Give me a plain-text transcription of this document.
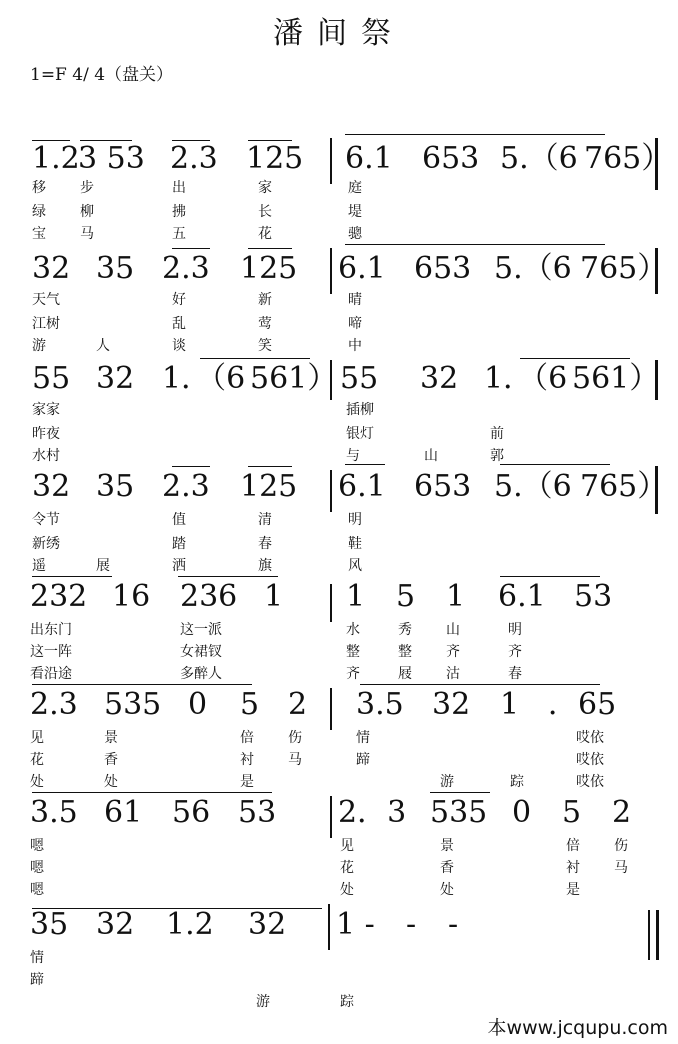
潘间祭
1=F 4/ 4（盘关）
1.2
3 53 2.3 125 6.1 653 5.（6 765）
移 步	出	家	庭
绿 柳	拂	长	堤
宝 马	五	花	骢
32 35 2.3 125 6.1 653 5.（6 765）
天气	好	新	晴
江树	乱	莺	啼
游	人	谈	笑	中
55 32 1．（6 561） 55 32 1．（6 561）
家家	插柳
昨夜	银灯	前
水村	与	山	郭
32 35 2.3 125 6.1 653 5.（6 765）
令节	值	清	明
新绣	踏	春	鞋
遥	展	洒	旗	风
232 16 236 1 1 5 1 6.1 53
出东门	这一派	水	秀 山	明
这一阵	女裙钗	整	整 齐	齐
看沿途	多醉人	齐	屐 沽	春
2.3 535 0 5 2 3.5 32 1 ．65
见	景	倍 伤	情	哎依
花	香	衬 马	蹄	哎依
处	处	是	游	踪	哎依
3.5 61 56 53 2．3 535 0 5 2
嗯	见	景	倍 伤
嗯	花	香	衬 马
嗯	处	处	是
35 32 1.2 32 1 - - -
情
蹄
游	踪
本www.jcqupu.com
